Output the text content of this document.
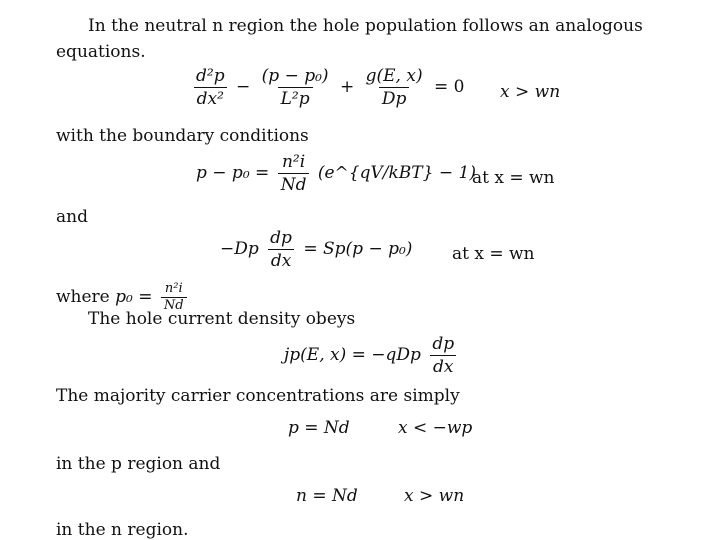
In the neutral n region the hole population follows an analogous
equations.
$\frac{\text{d²p}}{\text{dx²}} - \frac{\text{(p − p₀)}}{\text{L²p}} + \frac{g(E, x)}{Dp} = 0$ x > wn
with the boundary conditions
$p - p_0 = \frac{\text{n²i}}{Nd}$ (e^{qV/kBT} − 1)
at x = wn
and
$-Dp \frac{dp}{dx} = Sp(p - p_0)$ at x = wn
where $p_0 = \frac{\text{n²i}}{Nd}$
The hole current density obeys
jp(E, $x) = -qDp \frac{dp}{dx}$
The majority carrier concentrations are simply
p = Nd	x < −wp
in the p region and
n = Nd	x > wn
in the n region.
